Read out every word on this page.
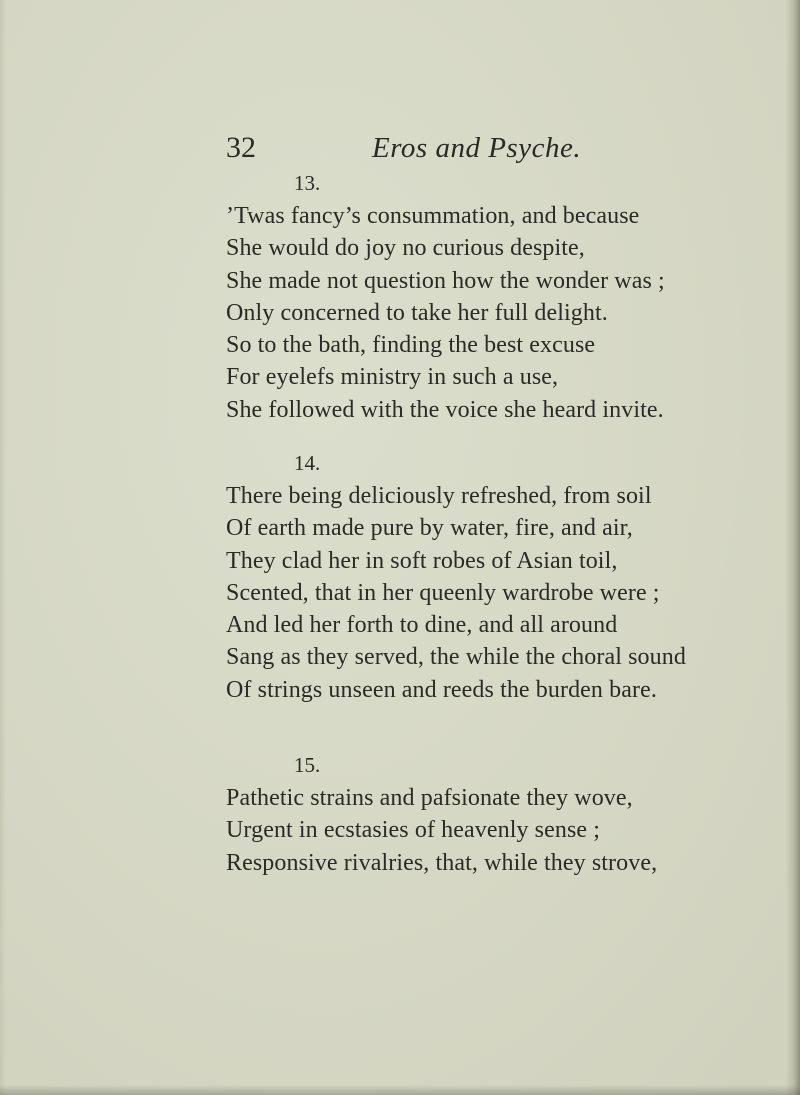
32	Eros and Psyche.
13.
’Twas fancy’s consummation, and because
She would do joy no curious despite,
She made not question how the wonder was ;
Only concerned to take her full delight.
So to the bath, finding the best excuse
For eyelefs ministry in such a use,
She followed with the voice she heard invite.
14.
There being deliciously refreshed, from soil
Of earth made pure by water, fire, and air,
They clad her in soft robes of Asian toil,
Scented, that in her queenly wardrobe were ;
And led her forth to dine, and all around
Sang as they served, the while the choral sound
Of strings unseen and reeds the burden bare.
15.
Pathetic strains and pafsionate they wove,
Urgent in ecstasies of heavenly sense ;
Responsive rivalries, that, while they strove,
